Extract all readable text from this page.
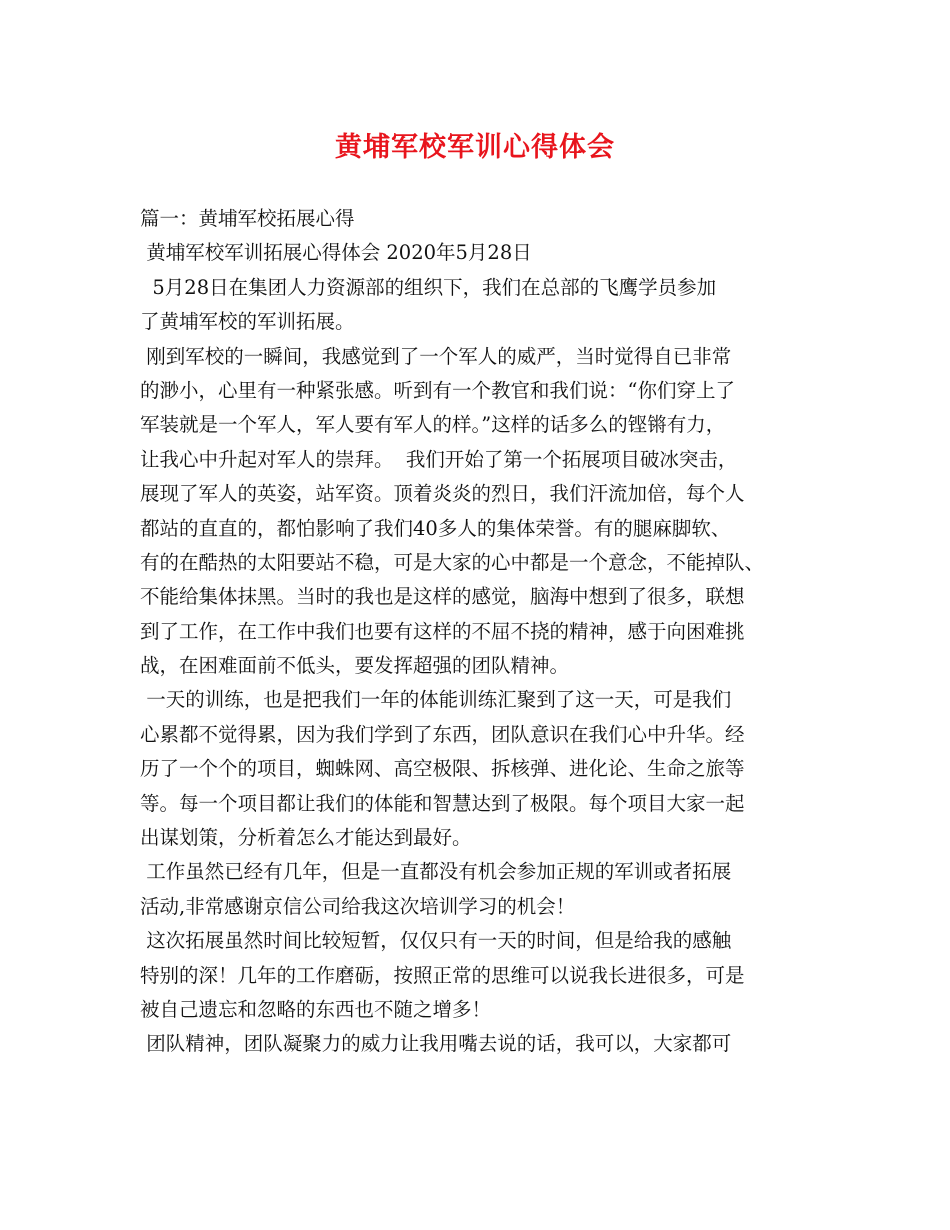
黄埔军校军训心得体会
篇一：黄埔军校拓展心得
黄埔军校军训拓展心得体会 2020年5月28日
5月28日在集团人力资源部的组织下，我们在总部的飞鹰学员参加
了黄埔军校的军训拓展。
刚到军校的一瞬间，我感觉到了一个军人的威严，当时觉得自已非常
的渺小，心里有一种紧张感。听到有一个教官和我们说：“你们穿上了
军装就是一个军人，军人要有军人的样。”这样的话多么的铿锵有力，
让我心中升起对军人的崇拜。  我们开始了第一个拓展项目破冰突击，
展现了军人的英姿，站军资。顶着炎炎的烈日，我们汗流加倍，每个人
都站的直直的，都怕影响了我们40多人的集体荣誉。有的腿麻脚软、
有的在酷热的太阳要站不稳，可是大家的心中都是一个意念，不能掉队、
不能给集体抹黑。当时的我也是这样的感觉，脑海中想到了很多，联想
到了工作，在工作中我们也要有这样的不屈不挠的精神，感于向困难挑
战，在困难面前不低头，要发挥超强的团队精神。
一天的训练，也是把我们一年的体能训练汇聚到了这一天，可是我们
心累都不觉得累，因为我们学到了东西，团队意识在我们心中升华。经
历了一个个的项目，蜘蛛网、高空极限、拆核弹、进化论、生命之旅等
等。每一个项目都让我们的体能和智慧达到了极限。每个项目大家一起
出谋划策，分析着怎么才能达到最好。
工作虽然已经有几年，但是一直都没有机会参加正规的军训或者拓展
活动,非常感谢京信公司给我这次培训学习的机会！
这次拓展虽然时间比较短暂，仅仅只有一天的时间，但是给我的感触
特别的深！几年的工作磨砺，按照正常的思维可以说我长进很多，可是
被自己遗忘和忽略的东西也不随之增多！
团队精神，团队凝聚力的威力让我用嘴去说的话，我可以，大家都可
